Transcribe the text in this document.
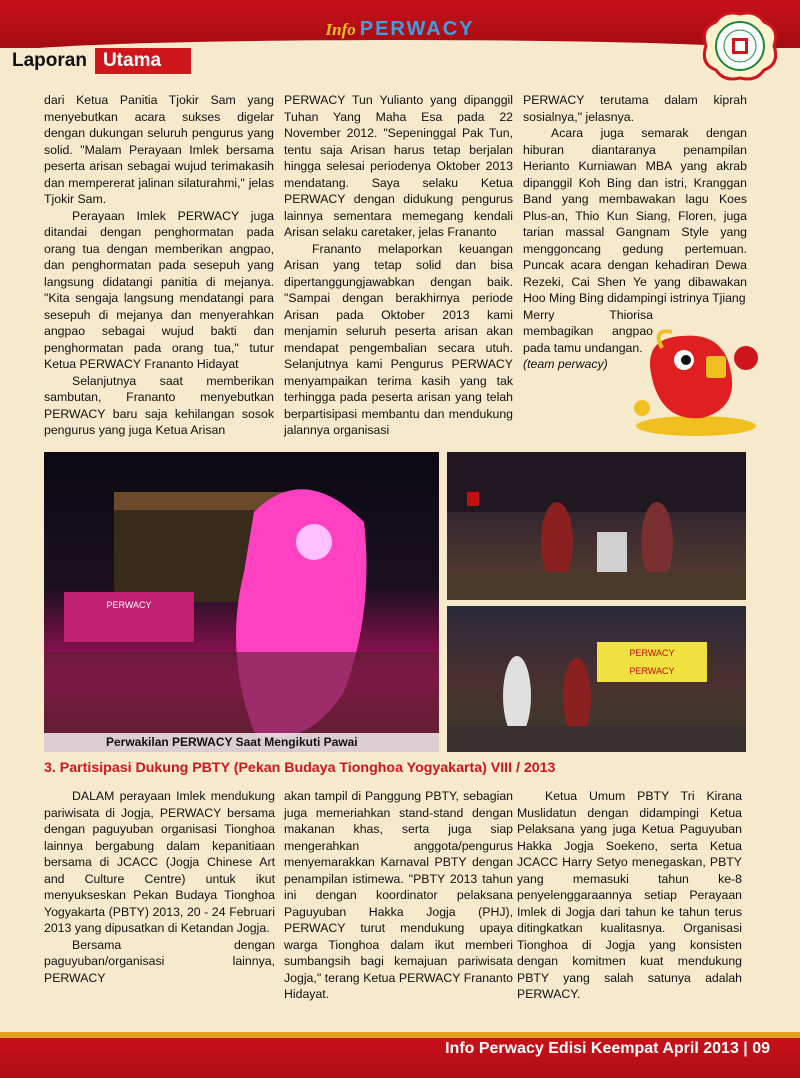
Info PERWACY
Laporan Utama

dari Ketua Panitia Tjokir Sam yang menyebutkan acara sukses digelar dengan dukungan seluruh pengurus yang solid. "Malam Perayaan Imlek bersama peserta arisan sebagai wujud terimakasih dan mempererat jalinan silaturahmi," jelas Tjokir Sam.

Perayaan Imlek PERWACY juga ditandai dengan penghormatan pada orang tua dengan memberikan angpao, dan penghormatan pada sesepuh yang langsung didatangi panitia di mejanya. "Kita sengaja langsung mendatangi para sesepuh di mejanya dan menyerahkan angpao sebagai wujud bakti dan penghormatan pada orang tua," tutur Ketua PERWACY Frananto Hidayat

Selanjutnya saat memberikan sambutan, Frananto menyebutkan PERWACY baru saja kehilangan sosok pengurus yang juga Ketua Arisan

PERWACY Tun Yulianto yang dipanggil Tuhan Yang Maha Esa pada 22 November 2012. "Sepeninggal Pak Tun, tentu saja Arisan harus tetap berjalan hingga selesai periodenya Oktober 2013 mendatang. Saya selaku Ketua PERWACY dengan didukung pengurus lainnya sementara memegang kendali Arisan selaku caretaker, jelas Frananto

Frananto melaporkan keuangan Arisan yang tetap solid dan bisa dipertanggungjawabkan dengan baik. "Sampai dengan berakhirnya periode Arisan pada Oktober 2013 kami menjamin seluruh peserta arisan akan mendapat pengembalian secara utuh. Selanjutnya kami Pengurus PERWACY menyampaikan terima kasih yang tak terhingga pada peserta arisan yang telah berpartisipasi membantu dan mendukung jalannya organisasi

PERWACY terutama dalam kiprah sosialnya," jelasnya.

Acara juga semarak dengan hiburan diantaranya penampilan Herianto Kurniawan MBA yang akrab dipanggil Koh Bing dan istri, Kranggan Band yang membawakan lagu Koes Plus-an, Thio Kun Siang, Floren, juga tarian massal Gangnam Style yang menggoncang gedung pertemuan. Puncak acara dengan kehadiran Dewa Rezeki, Cai Shen Ye yang dibawakan Hoo Ming Bing didampingi istrinya Tjiang

Merry Thiorisa membagikan angpao pada tamu undangan.

(team perwacy)

PERWACY
Perwakilan PERWACY Saat Mengikuti Pawai
PERWACY
PERWACY
3. Partisipasi Dukung PBTY (Pekan Budaya Tionghoa Yogyakarta) VIII / 2013

DALAM perayaan Imlek mendukung pariwisata di Jogja, PERWACY bersama dengan paguyuban organisasi Tionghoa lainnya bergabung dalam kepanitiaan bersama di JCACC (Jogja Chinese Art and Culture Centre) untuk ikut menyukseskan Pekan Budaya Tionghoa Yogyakarta (PBTY) 2013, 20 - 24 Februari 2013 yang dipusatkan di Ketandan Jogja.

Bersama dengan paguyuban/organisasi lainnya, PERWACY

akan tampil di Panggung PBTY, sebagian juga memeriahkan stand-stand dengan makanan khas, serta juga siap mengerahkan anggota/pengurus menyemarakkan Karnaval PBTY dengan penampilan istimewa. "PBTY 2013 tahun ini dengan koordinator pelaksana Paguyuban Hakka Jogja (PHJ), PERWACY turut mendukung upaya warga Tionghoa dalam ikut memberi sumbangsih bagi kemajuan pariwisata Jogja," terang Ketua PERWACY Frananto Hidayat.

Ketua Umum PBTY Tri Kirana Muslidatun dengan didampingi Ketua Pelaksana yang juga Ketua Paguyuban Hakka Jogja Soekeno, serta Ketua JCACC Harry Setyo menegaskan, PBTY yang memasuki tahun ke-8 penyelenggaraannya setiap Perayaan Imlek di Jogja dari tahun ke tahun terus ditingkatkan kualitasnya. Organisasi Tionghoa di Jogja yang konsisten dengan komitmen kuat mendukung PBTY yang salah satunya adalah PERWACY.

Info Perwacy Edisi Keempat April 2013 | 09
